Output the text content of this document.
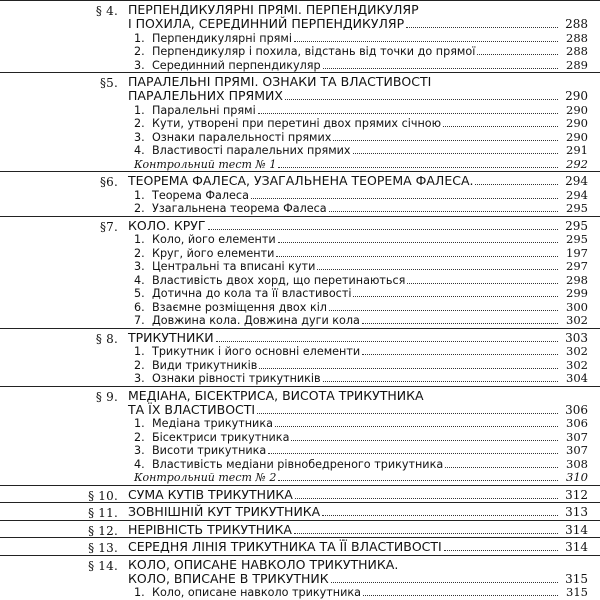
§ 4. ПЕРПЕНДИКУЛЯРНІ ПРЯМІ. ПЕРПЕНДИКУЛЯР
І ПОХИЛА, СЕРЕДИННИЙ ПЕРПЕНДИКУЛЯР	288
1. Перпендикулярні прямі	288
2. Перпендикуляр і похила, відстань від точки до прямої	288
3. Серединний перпендикуляр	289
§5. ПАРАЛЕЛЬНІ ПРЯМІ. ОЗНАКИ ТА ВЛАСТИВОСТІ
ПАРАЛЕЛЬНИХ ПРЯМИХ	290
1. Паралельні прямі	290
2. Кути, утворені при перетині двох прямих січною	290
3. Ознаки паралельності прямих	290
4. Властивості паралельних прямих	291
Контрольний тест № 1	292
§6. ТЕОРЕМА ФАЛЕСА, УЗАГАЛЬНЕНА ТЕОРЕМА ФАЛЕСА.	294
1. Теорема Фалеса	294
2. Узагальнена теорема Фалеса	295
§7. КОЛО. КРУГ	295
1. Коло, його елементи	295
2. Круг, його елементи	197
3. Центральні та вписані кути	297
4. Властивість двох хорд, що перетинаються	298
5. Дотична до кола та її властивості	299
6. Взаємне розміщення двох кіл	300
7. Довжина кола. Довжина дуги кола	302
§ 8. ТРИКУТНИКИ	303
1. Трикутник і його основні елементи	302
2. Види трикутників	302
3. Ознаки рівності трикутників	304
§ 9. МЕДІАНА, БІСЕКТРИСА, ВИСОТА ТРИКУТНИКА
ТА ЇХ ВЛАСТИВОСТІ	306
1. Медіана трикутника	306
2. Бісектриси трикутника	307
3. Висоти трикутника	307
4. Властивість медіани рівнобедреного трикутника	308
Контрольний тест № 2	310
§ 10. СУМА КУТІВ ТРИКУТНИКА	312
§ 11. ЗОВНІШНІЙ КУТ ТРИКУТНИКА	313
§ 12. НЕРІВНІСТЬ ТРИКУТНИКА	314
§ 13. СЕРЕДНЯ ЛІНІЯ ТРИКУТНИКА ТА ЇЇ ВЛАСТИВОСТІ	314
§ 14. КОЛО, ОПИСАНЕ НАВКОЛО ТРИКУТНИКА.
КОЛО, ВПИСАНЕ В ТРИКУТНИК	315
1. Коло, описане навколо трикутника	315
